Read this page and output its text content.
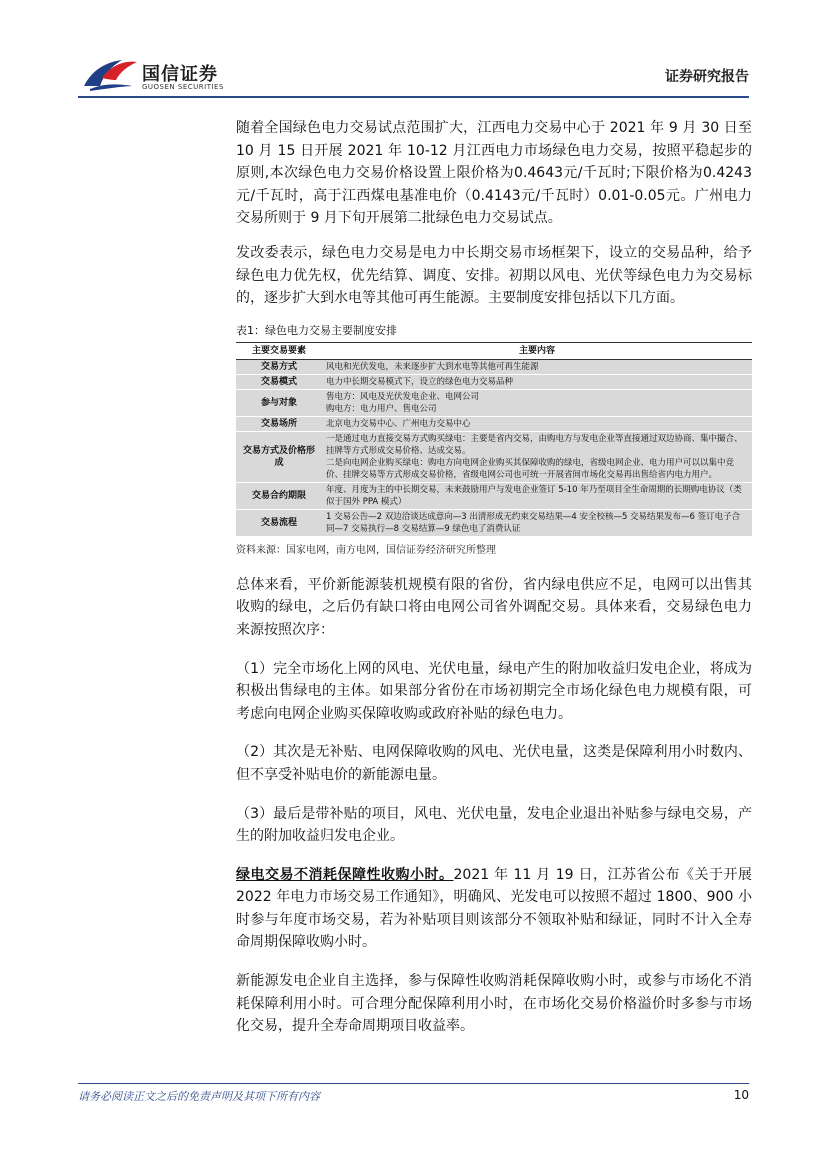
国信证券
GUOSEN SECURITIES
证券研究报告

随着全国绿色电力交易试点范围扩大，江西电力交易中心于 2021 年 9 月 30 日至 10 月 15 日开展 2021 年 10-12 月江西电力市场绿色电力交易，按照平稳起步的原则,本次绿色电力交易价格设置上限价格为0.4643元/千瓦时;下限价格为0.4243元/千瓦时，高于江西煤电基准电价（0.4143元/千瓦时）0.01-0.05元。广州电力交易所则于 9 月下旬开展第二批绿色电力交易试点。

发改委表示，绿色电力交易是电力中长期交易市场框架下，设立的交易品种，给予绿色电力优先权，优先结算、调度、安排。初期以风电、光伏等绿色电力为交易标的，逐步扩大到水电等其他可再生能源。主要制度安排包括以下几方面。

表1：绿色电力交易主要制度安排
主要交易要素	主要内容
交易方式	风电和光伏发电，未来逐步扩大到水电等其他可再生能源

交易模式	电力中长期交易模式下，设立的绿色电力交易品种

参与对象	售电方：风电及光伏发电企业、电网公司
购电方：电力用户、售电公司

交易场所	北京电力交易中心、广州电力交易中心

交易方式及价格形成	一是通过电力直接交易方式购买绿电：主要是省内交易，由购电方与发电企业等直接通过双边协商、集中撮合、挂牌等方式形成交易价格、达成交易。
二是向电网企业购买绿电：购电方向电网企业购买其保障收购的绿电，省级电网企业、电力用户可以以集中竞价、挂牌交易等方式形成交易价格，省级电网公司也可统一开展省间市场化交易再出售给省内电力用户。

交易合约期限	年度、月度为主的中长期交易，未来鼓励用户与发电企业签订 5-10 年乃至项目全生命周期的长期购电协议（类似于国外 PPA 模式）

交易流程	1 交易公告—2 双边洽谈达成意向—3 出清形成无约束交易结果—4 安全校核—5 交易结果发布—6 签订电子合同—7 交易执行—8 交易结算—9 绿色电了消费认证
资料来源：国家电网，南方电网，国信证券经济研究所整理

总体来看，平价新能源装机规模有限的省份，省内绿电供应不足，电网可以出售其收购的绿电，之后仍有缺口将由电网公司省外调配交易。具体来看，交易绿色电力来源按照次序：

（1）完全市场化上网的风电、光伏电量，绿电产生的附加收益归发电企业，将成为积极出售绿电的主体。如果部分省份在市场初期完全市场化绿色电力规模有限，可考虑向电网企业购买保障收购或政府补贴的绿色电力。

（2）其次是无补贴、电网保障收购的风电、光伏电量，这类是保障利用小时数内、但不享受补贴电价的新能源电量。

（3）最后是带补贴的项目，风电、光伏电量，发电企业退出补贴参与绿电交易，产生的附加收益归发电企业。

绿电交易不消耗保障性收购小时。2021 年 11 月 19 日，江苏省公布《关于开展 2022 年电力市场交易工作通知》，明确风、光发电可以按照不超过 1800、900 小时参与年度市场交易，若为补贴项目则该部分不领取补贴和绿证，同时不计入全寿命周期保障收购小时。

新能源发电企业自主选择，参与保障性收购消耗保障收购小时，或参与市场化不消耗保障利用小时。可合理分配保障利用小时，在市场化交易价格溢价时多参与市场化交易，提升全寿命周期项目收益率。

请务必阅读正文之后的免责声明及其项下所有内容	10
